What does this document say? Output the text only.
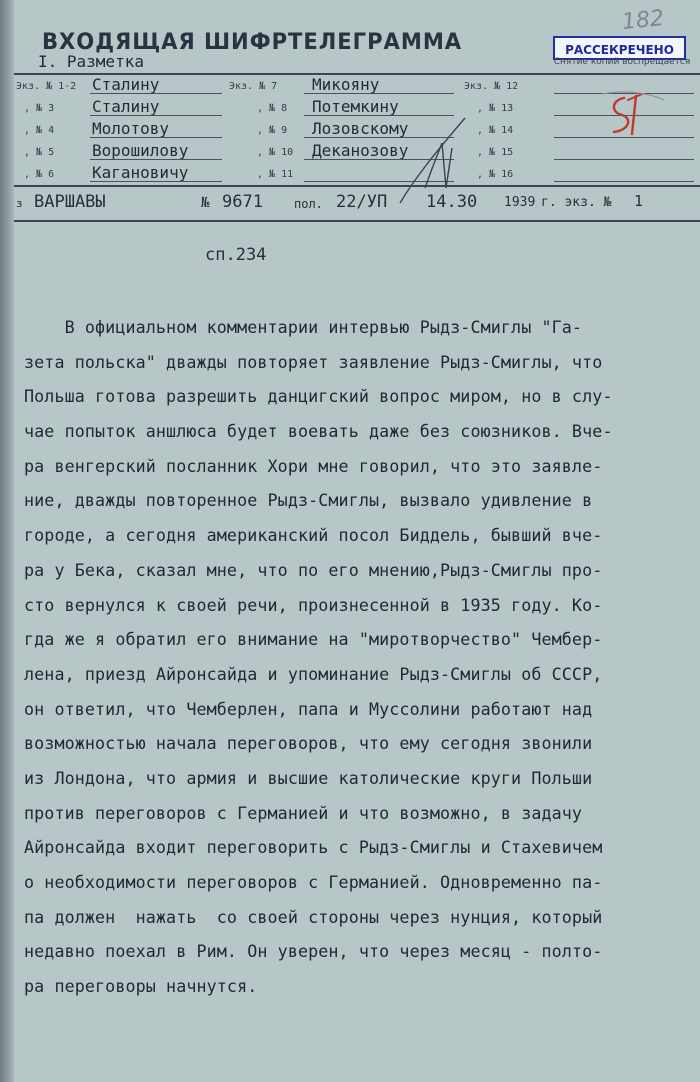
182
ВХОДЯЩАЯ ШИФРТЕЛЕГРАММА	РАССЕКРЕЧЕНО
Снятие копий воспрещается
I. Разметка
Экз. № 1-2 Сталину	Экз. № 7 Микояну	Экз. № 12
, № 3 Сталину	, № 8 Потемкину	, № 13
, № 4 Молотову	, № 9 Лозовскому	, № 14
, № 5 Ворошилову	, № 10 Деканозову	, № 15
, № 6 Кагановичу	, № 11	, № 16
з ВАРШАВЫ	№ 9671	пол. 22/УП 14.30 1939 г. экз. № 1
сп.234
В официальном комментарии интервью Рыдз-Смиглы "Га-
зета польска" дважды повторяет заявление Рыдз-Смиглы, что
Польша готова разрешить данцигский вопрос миром, но в слу-
чае попыток аншлюса будет воевать даже без союзников. Вче-
ра венгерский посланник Хори мне говорил, что это заявле-
ние, дважды повторенное Рыдз-Смиглы, вызвало удивление в
городе, а сегодня американский посол Биддель, бывший вче-
ра у Бека, сказал мне, что по его мнению,Рыдз-Смиглы про-
сто вернулся к своей речи, произнесенной в 1935 году. Ко-
гда же я обратил его внимание на "миротворчество" Чембер-
лена, приезд Айронсайда и упоминание Рыдз-Смиглы об СССР,
он ответил, что Чемберлен, папа и Муссолини работают над
возможностью начала переговоров, что ему сегодня звонили
из Лондона, что армия и высшие католические круги Польши
против переговоров с Германией и что возможно, в задачу
Айронсайда входит переговорить с Рыдз-Смиглы и Стахевичем
о необходимости переговоров с Германией. Одновременно па-
па должен  нажать  со своей стороны через нунция, который
недавно поехал в Рим. Он уверен, что через месяц - полто-
ра переговоры начнутся.
